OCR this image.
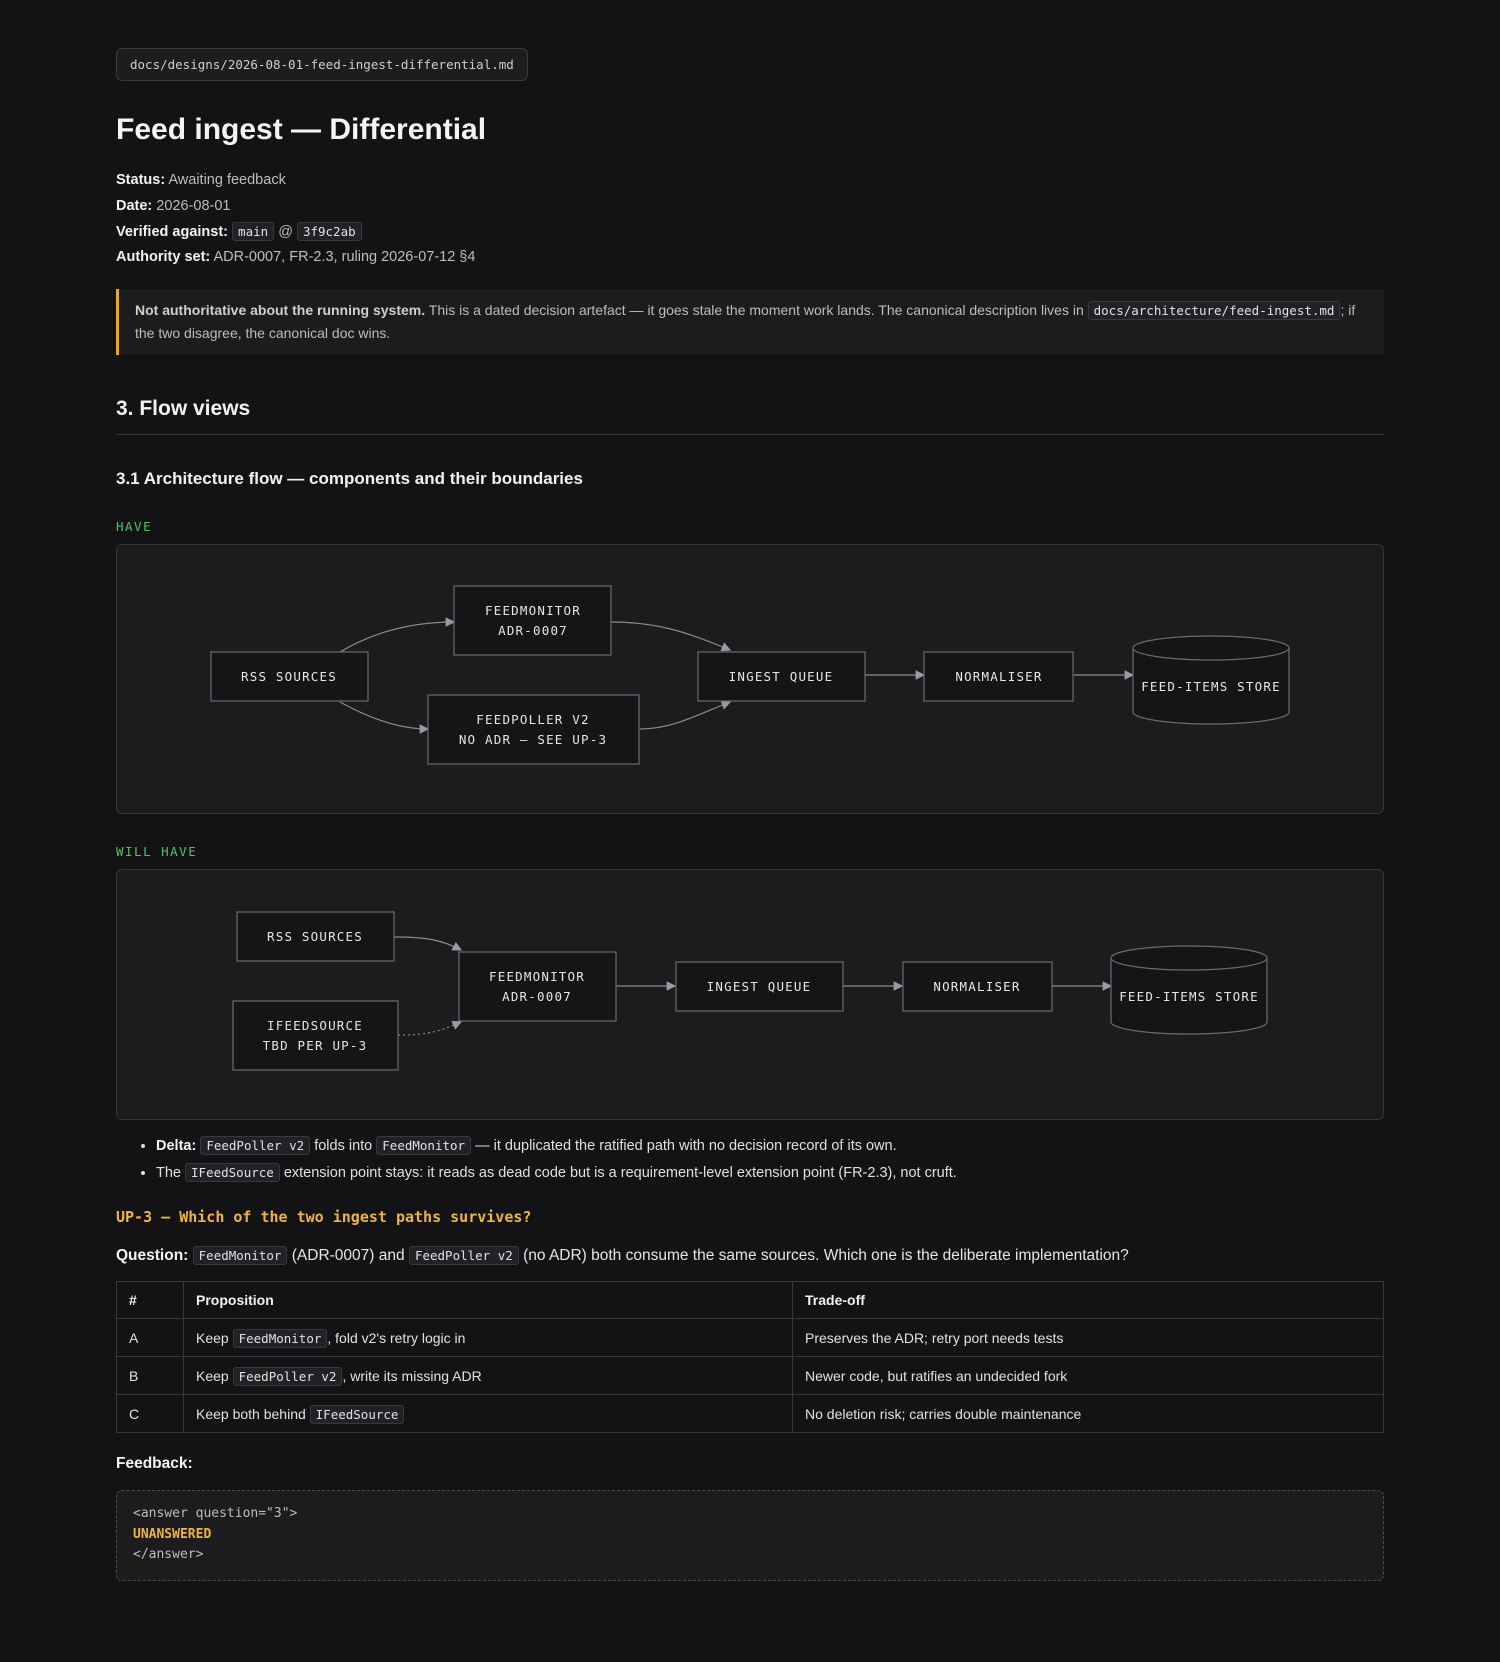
docs/designs/2026-08-01-feed-ingest-differential.md
Feed ingest — Differential
Status: Awaiting feedback
Date: 2026-08-01
Verified against: main @ 3f9c2ab
Authority set: ADR-0007, FR-2.3, ruling 2026-07-12 §4
Not authoritative about the running system. This is a dated decision artefact — it goes stale the moment work lands. The canonical description lives in docs/architecture/feed-ingest.md ; if the two disagree, the canonical doc wins.
3. Flow views
3.1 Architecture flow — components and their boundaries
HAVE
RSS SOURCES
FEEDMONITOR
ADR-0007
FEEDPOLLER V2
NO ADR — SEE UP-3
INGEST QUEUE	NORMALISER
FEED-ITEMS STORE
WILL HAVE
RSS SOURCES
IFEEDSOURCE
TBD PER UP-3
FEEDMONITOR
ADR-0007
INGEST QUEUE	NORMALISER
FEED-ITEMS STORE
• Delta: FeedPoller v2 folds into FeedMonitor — it duplicated the ratified path with no decision record of its own.
• The IFeedSource extension point stays: it reads as dead code but is a requirement-level extension point (FR-2.3), not cruft.
UP-3 — Which of the two ingest paths survives?
Question: FeedMonitor (ADR-0007) and FeedPoller v2 (no ADR) both consume the same sources. Which one is the deliberate implementation?
#	Proposition	Trade-off
A	Keep FeedMonitor , fold v2's retry logic in	Preserves the ADR; retry port needs tests
B	Keep FeedPoller v2 , write its missing ADR	Newer code, but ratifies an undecided fork
C	Keep both behind IFeedSource	No deletion risk; carries double maintenance
Feedback:
<answer question="3">
UNANSWERED
</answer>
